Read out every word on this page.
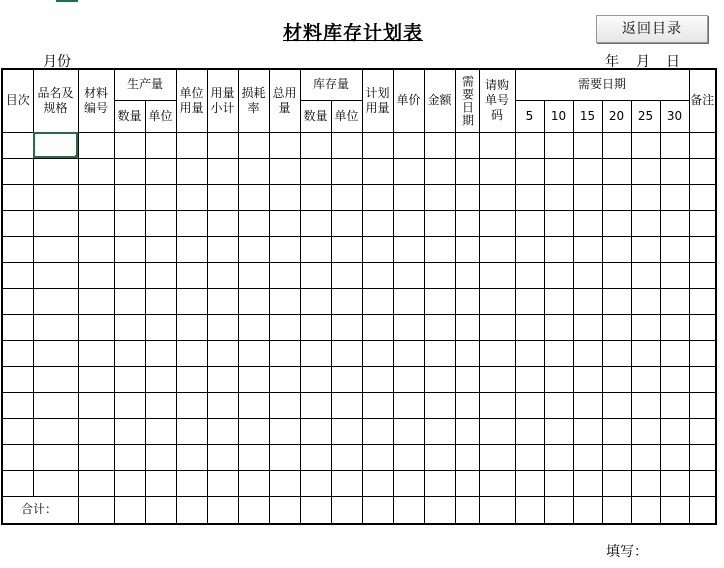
材料库存计划表	返回目录
月份	年 月 日
目次	品名及规格	材料编号	生产量		单位用量	用量小计	损耗率	总用量	库存量		计划用量	单价	金额	需要日期	请购单号码	需要日期						备注
			数量	单位					数量	单位						5	10	15	20	25	30	

合计：																						
填写：
